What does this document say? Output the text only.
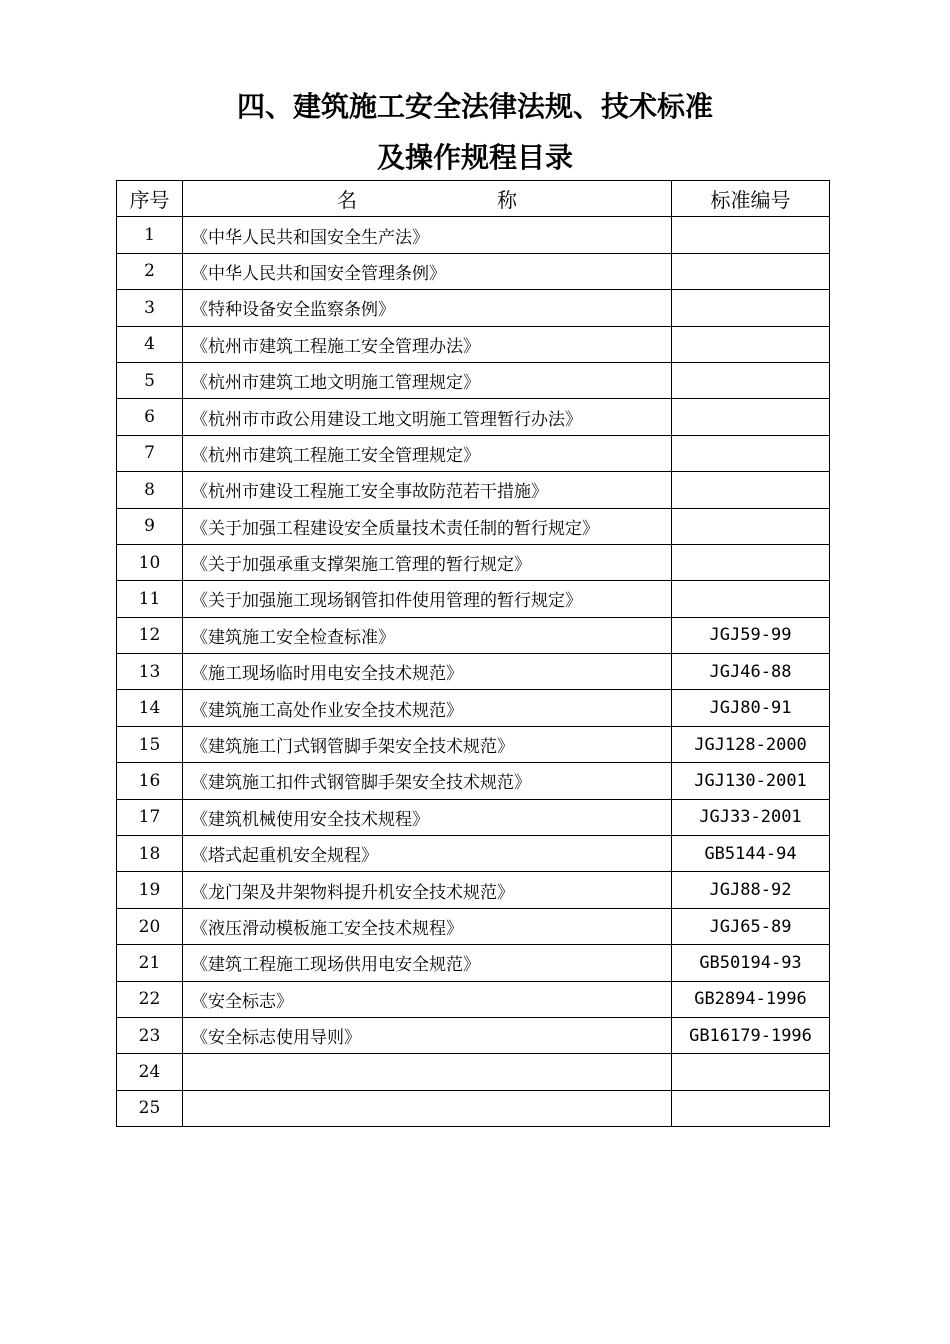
四、建筑施工安全法律法规、技术标准
及操作规程目录
序号	名 称	标准编号
1	《中华人民共和国安全生产法》	
2	《中华人民共和国安全管理条例》	
3	《特种设备安全监察条例》	
4	《杭州市建筑工程施工安全管理办法》	
5	《杭州市建筑工地文明施工管理规定》	
6	《杭州市市政公用建设工地文明施工管理暂行办法》	
7	《杭州市建筑工程施工安全管理规定》	
8	《杭州市建设工程施工安全事故防范若干措施》	
9	《关于加强工程建设安全质量技术责任制的暂行规定》	
10	《关于加强承重支撑架施工管理的暂行规定》	
11	《关于加强施工现场钢管扣件使用管理的暂行规定》	
12	《建筑施工安全检查标准》	JGJ59-99
13	《施工现场临时用电安全技术规范》	JGJ46-88
14	《建筑施工高处作业安全技术规范》	JGJ80-91
15	《建筑施工门式钢管脚手架安全技术规范》	JGJ128-2000
16	《建筑施工扣件式钢管脚手架安全技术规范》	JGJ130-2001
17	《建筑机械使用安全技术规程》	JGJ33-2001
18	《塔式起重机安全规程》	GB5144-94
19	《龙门架及井架物料提升机安全技术规范》	JGJ88-92
20	《液压滑动模板施工安全技术规程》	JGJ65-89
21	《建筑工程施工现场供用电安全规范》	GB50194-93
22	《安全标志》	GB2894-1996
23	《安全标志使用导则》	GB16179-1996
24		
25		
